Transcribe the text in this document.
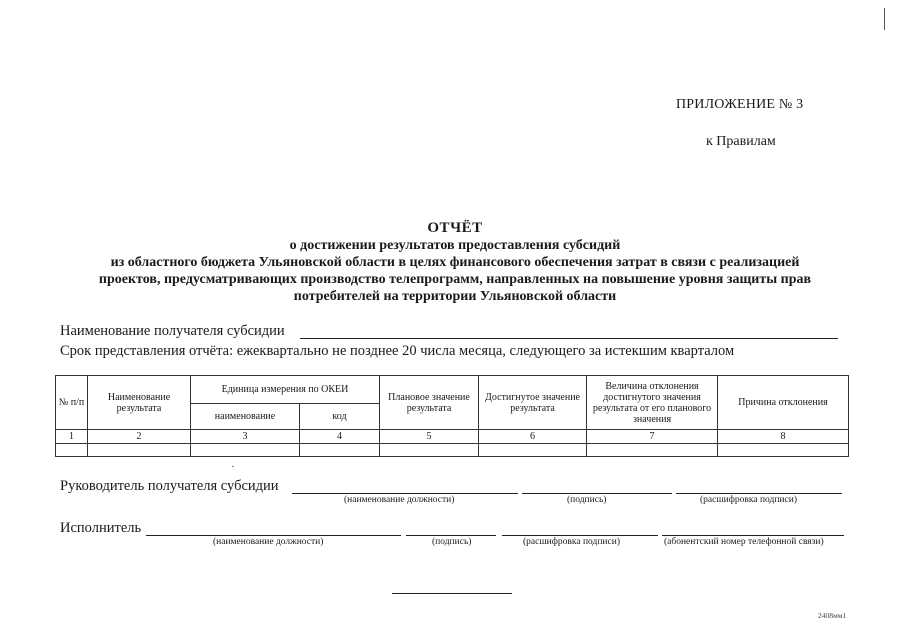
ПРИЛОЖЕНИЕ № 3
к Правилам
ОТЧЁТ
о достижении результатов предоставления субсидий
из областного бюджета Ульяновской области в целях финансового обеспечения затрат в связи с реализацией
проектов, предусматривающих производство телепрограмм, направленных на повышение уровня защиты прав
потребителей на территории Ульяновской области
Наименование получателя субсидии
Срок представления отчёта: ежеквартально не позднее 20 числа месяца, следующего за истекшим кварталом
№ п/п	Наименование результата	Единица измерения по ОКЕИ		Плановое значение результата	Достигнутое значение результата	Величина отклонения достигнутого значения результата от его планового значения	Причина отклонения
		наименование	код				
1	2	3	4	5	6	7	8

Руководитель получателя субсидии
(наименование должности)	(подпись)	(расшифровка подписи)
Исполнитель
(наименование должности)	(подпись)	(расшифровка подписи)	(абонентский номер телефонной связи)
2408мм1
